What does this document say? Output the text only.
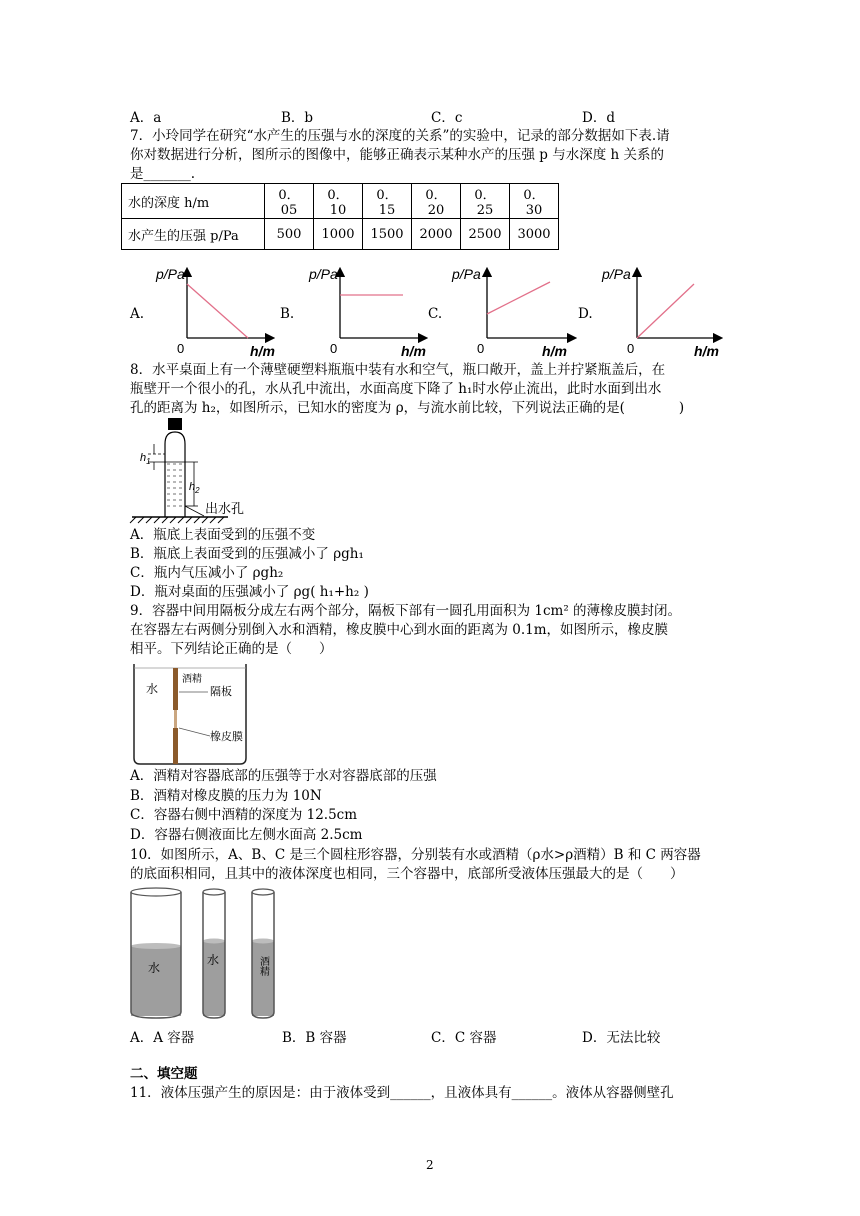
A．a	B．b	C．c	D．d
7．小玲同学在研究“水产生的压强与水的深度的关系”的实验中，记录的部分数据如下表.请
你对数据进行分析，图所示的图像中，能够正确表示某种水产的压强 p 与水深度 h 关系的
是_______.
水的深度 h/m	0．05	0．10	0．15	0．20	0．25	0．30
水产生的压强 p/Pa	500	1000	1500	2000	2500	3000
A.	B.	C.	D.
p/Pa
h/m
0
p/Pa
h/m
0
p/Pa
h/m
0
p/Pa
h/m
0
8．水平桌面上有一个薄壁硬塑料瓶瓶中装有水和空气，瓶口敞开，盖上并拧紧瓶盖后，在
瓶壁开一个很小的孔，水从孔中流出，水面高度下降了 h₁时水停止流出，此时水面到出水
孔的距离为 h₂，如图所示，已知水的密度为 ρ，与流水前比较，下列说法正确的是(　　　　)
$h_1$
$h_2$
出水孔
A．瓶底上表面受到的压强不变
B．瓶底上表面受到的压强减小了 ρgh₁
C．瓶内气压减小了 ρgh₂
D．瓶对桌面的压强减小了 ρg( h₁+h₂ )
9．容器中间用隔板分成左右两个部分，隔板下部有一圆孔用面积为 1cm² 的薄橡皮膜封闭。
在容器左右两侧分别倒入水和酒精，橡皮膜中心到水面的距离为 0.1m，如图所示，橡皮膜
相平。下列结论正确的是（　　）
水
酒精
隔板
橡皮膜
A．酒精对容器底部的压强等于水对容器底部的压强
B．酒精对橡皮膜的压力为 10N
C．容器右侧中酒精的深度为 12.5cm
D．容器右侧液面比左侧水面高 2.5cm
10．如图所示，A、B、C 是三个圆柱形容器，分别装有水或酒精（ρ水>ρ酒精）B 和 C 两容器
的底面积相同，且其中的液体深度也相同，三个容器中，底部所受液体压强最大的是（　　）
水
水	酒精
A．A 容器	B．B 容器	C．C 容器	D．无法比较
二、填空题
11．液体压强产生的原因是：由于液体受到______，且液体具有______。液体从容器侧壁孔
2
